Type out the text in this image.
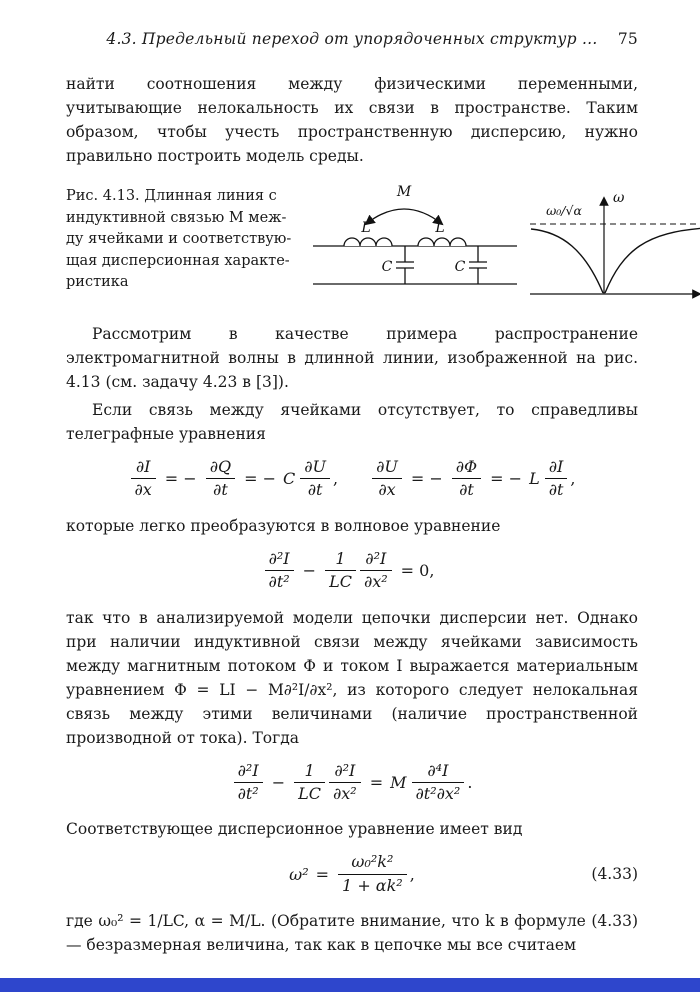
4.3. Предельный переход от упорядоченных структур … 75

найти соотношения между физическими переменными, учитывающие нелокальность их связи в пространстве. Таким образом, чтобы учесть пространственную дисперсию, нужно правильно построить модель среды.

Рис. 4.13. Длинная линия с
индуктивной связью M меж-
ду ячейками и соответствую-
щая дисперсионная характе-
ристика
M
L	L
C	C
ω
ω₀/√α

Рассмотрим в качестве примера распространение электромагнитной волны в длинной линии, изображенной на рис. 4.13 (см. задачу 4.23 в [3]).

Если связь между ячейками отсутствует, то справедливы телеграфные уравнения

$\frac{\partial I}{\partial x}$ = − $\frac{\partial Q}{\partial t}$ = − C $\frac{\partial U}{\partial t}$ , $\frac{\partial U}{\partial x}$ = − $\frac{\partial\Phi}{\partial t}$ = − L $\frac{\partial I}{\partial t}$ ,

которые легко преобразуются в волновое уравнение

$\frac{\text{∂²I}}{\text{∂t²}} - \frac{1}{LC} \frac{\text{∂²I}}{\text{∂x²}} = 0$,

так что в анализируемой модели цепочки дисперсии нет. Однако при наличии индуктивной связи между ячейками зависимость между магнитным потоком Φ и током I выражается материальным уравнением Φ = LI − M∂²I/∂x², из которого следует нелокальная связь между этими величинами (наличие пространственной производной от тока). Тогда

$\frac{\text{∂²I}}{\text{∂t²}} - \frac{1}{LC} \frac{\text{∂²I}}{\text{∂x²}} = M \frac{\text{∂⁴I}}{\text{∂t²∂x²}}$ .

Соответствующее дисперсионное уравнение имеет вид

$\omega^2 = \frac{\text{ω₀²k²}}{\text{1 + αk²}}$ ,	(4.33)

где ω₀² = 1/LC, α = M/L. (Обратите внимание, что k в формуле (4.33) — безразмерная величина, так как в цепочке мы все считаем
